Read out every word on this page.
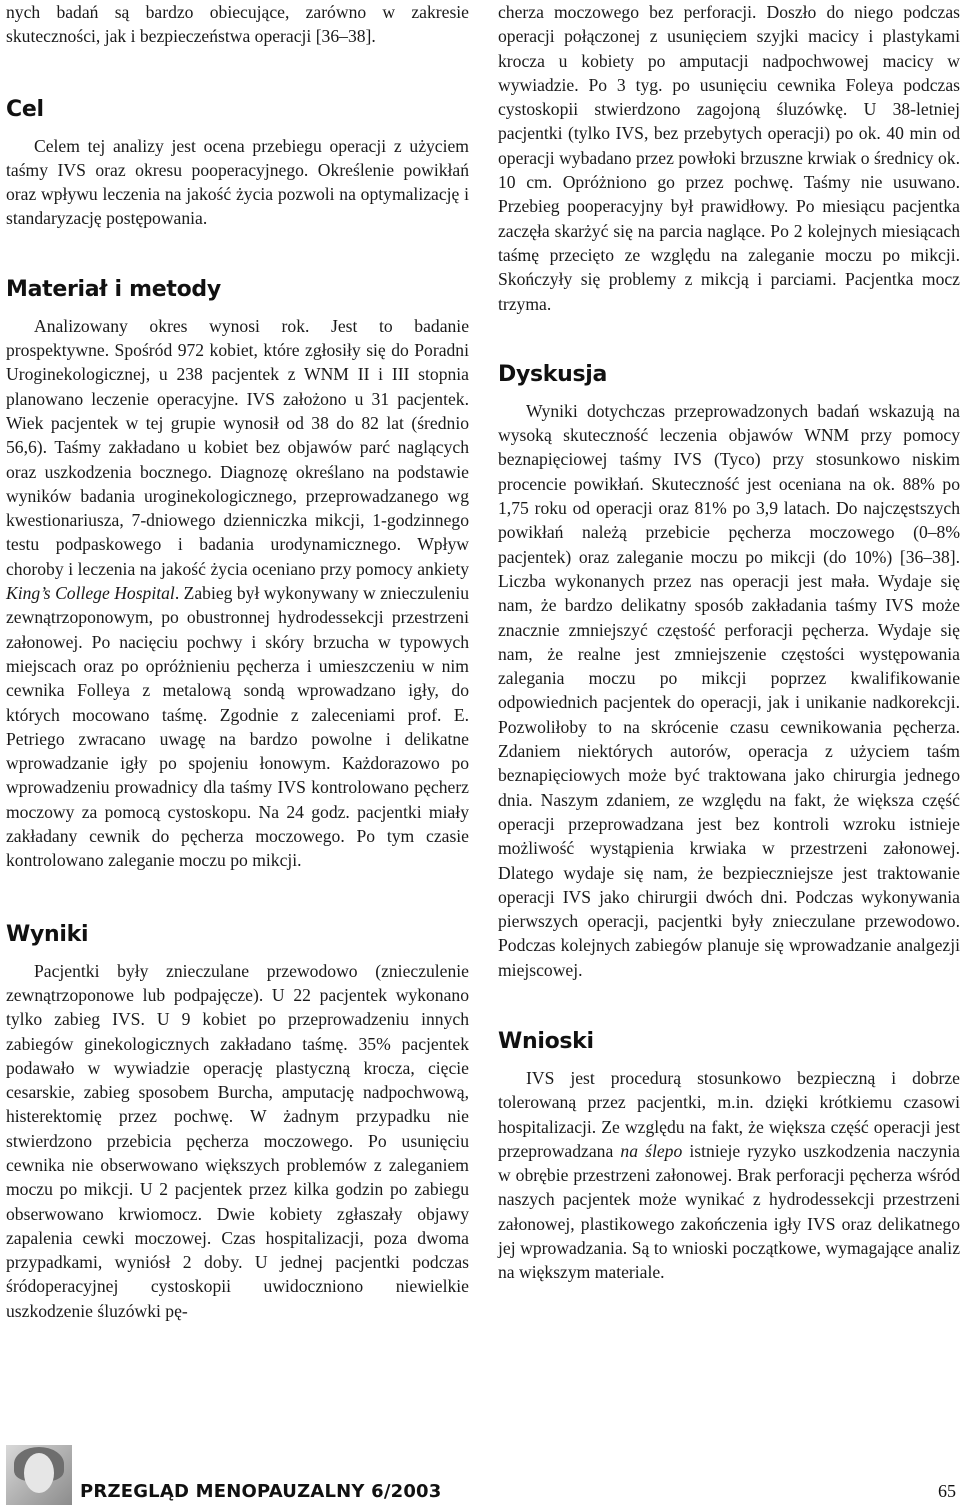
nych badań są bardzo obiecujące, zarówno w zakresie skuteczności, jak i bezpieczeństwa operacji [36–38].

Cel

Celem tej analizy jest ocena przebiegu operacji z użyciem taśmy IVS oraz okresu pooperacyjnego. Określenie powikłań oraz wpływu leczenia na jakość życia pozwoli na optymalizację i standaryzację postępowania.

Materiał i metody

Analizowany okres wynosi rok. Jest to badanie prospektywne. Spośród 972 kobiet, które zgłosiły się do Poradni Uroginekologicznej, u 238 pacjentek z WNM II i III stopnia planowano leczenie operacyjne. IVS założono u 31 pacjentek. Wiek pacjentek w tej grupie wynosił od 38 do 82 lat (średnio 56,6). Taśmy zakładano u kobiet bez objawów parć naglących oraz uszkodzenia bocznego. Diagnozę określano na podstawie wyników badania uroginekologicznego, przeprowadzanego wg kwestionariusza, 7-dniowego dzienniczka mikcji, 1-godzinnego testu podpaskowego i badania urodynamicznego. Wpływ choroby i leczenia na jakość życia oceniano przy pomocy ankiety King’s College Hospital. Zabieg był wykonywany w znieczuleniu zewnątrzoponowym, po obustronnej hydrodessekcji przestrzeni załonowej. Po nacięciu pochwy i skóry brzucha w typowych miejscach oraz po opróżnieniu pęcherza i umieszczeniu w nim cewnika Folleya z metalową sondą wprowadzano igły, do których mocowano taśmę. Zgodnie z zaleceniami prof. E. Petriego zwracano uwagę na bardzo powolne i delikatne wprowadzanie igły po spojeniu łonowym. Każdorazowo po wprowadzeniu prowadnicy dla taśmy IVS kontrolowano pęcherz moczowy za pomocą cystoskopu. Na 24 godz. pacjentki miały zakładany cewnik do pęcherza moczowego. Po tym czasie kontrolowano zaleganie moczu po mikcji.

Wyniki

Pacjentki były znieczulane przewodowo (znieczulenie zewnątrzoponowe lub podpajęcze). U 22 pacjentek wykonano tylko zabieg IVS. U 9 kobiet po przeprowadzeniu innych zabiegów ginekologicznych zakładano taśmę. 35% pacjentek podawało w wywiadzie operację plastyczną krocza, cięcie cesarskie, zabieg sposobem Burcha, amputację nadpochwową, histerektomię przez pochwę. W żadnym przypadku nie stwierdzono przebicia pęcherza moczowego. Po usunięciu cewnika nie obserwowano większych problemów z zaleganiem moczu po mikcji. U 2 pacjentek przez kilka godzin po zabiegu obserwowano krwiomocz. Dwie kobiety zgłaszały objawy zapalenia cewki moczowej. Czas hospitalizacji, poza dwoma przypadkami, wyniósł 2 doby. U jednej pacjentki podczas śródoperacyjnej cystoskopii uwidoczniono niewielkie uszkodzenie śluzówki pę-

cherza moczowego bez perforacji. Doszło do niego podczas operacji połączonej z usunięciem szyjki macicy i plastykami krocza u kobiety po amputacji nadpochwowej macicy w wywiadzie. Po 3 tyg. po usunięciu cewnika Foleya podczas cystoskopii stwierdzono zagojoną śluzówkę. U 38-letniej pacjentki (tylko IVS, bez przebytych operacji) po ok. 40 min od operacji wybadano przez powłoki brzuszne krwiak o średnicy ok. 10 cm. Opróżniono go przez pochwę. Taśmy nie usuwano. Przebieg pooperacyjny był prawidłowy. Po miesiącu pacjentka zaczęła skarżyć się na parcia naglące. Po 2 kolejnych miesiącach taśmę przecięto ze względu na zaleganie moczu po mikcji. Skończyły się problemy z mikcją i parciami. Pacjentka mocz trzyma.

Dyskusja

Wyniki dotychczas przeprowadzonych badań wskazują na wysoką skuteczność leczenia objawów WNM przy pomocy beznapięciowej taśmy IVS (Tyco) przy stosunkowo niskim procencie powikłań. Skuteczność jest oceniana na ok. 88% po 1,75 roku od operacji oraz 81% po 3,9 latach. Do najczęstszych powikłań należą przebicie pęcherza moczowego (0–8% pacjentek) oraz zaleganie moczu po mikcji (do 10%) [36–38]. Liczba wykonanych przez nas operacji jest mała. Wydaje się nam, że bardzo delikatny sposób zakładania taśmy IVS może znacznie zmniejszyć częstość perforacji pęcherza. Wydaje się nam, że realne jest zmniejszenie częstości występowania zalegania moczu po mikcji poprzez kwalifikowanie odpowiednich pacjentek do operacji, jak i unikanie nadkorekcji. Pozwoliłoby to na skrócenie czasu cewnikowania pęcherza. Zdaniem niektórych autorów, operacja z użyciem taśm beznapięciowych może być traktowana jako chirurgia jednego dnia. Naszym zdaniem, ze względu na fakt, że większa część operacji przeprowadzana jest bez kontroli wzroku istnieje możliwość wystąpienia krwiaka w przestrzeni załonowej. Dlatego wydaje się nam, że bezpieczniejsze jest traktowanie operacji IVS jako chirurgii dwóch dni. Podczas wykonywania pierwszych operacji, pacjentki były znieczulane przewodowo. Podczas kolejnych zabiegów planuje się wprowadzanie analgezji miejscowej.

Wnioski

IVS jest procedurą stosunkowo bezpieczną i dobrze tolerowaną przez pacjentki, m.in. dzięki krótkiemu czasowi hospitalizacji. Ze względu na fakt, że większa część operacji jest przeprowadzana na ślepo istnieje ryzyko uszkodzenia naczynia w obrębie przestrzeni załonowej. Brak perforacji pęcherza wśród naszych pacjentek może wynikać z hydrodessekcji przestrzeni załonowej, plastikowego zakończenia igły IVS oraz delikatnego jej wprowadzania. Są to wnioski początkowe, wymagające analiz na większym materiale.

PRZEGLĄD MENOPAUZALNY 6/2003	65
